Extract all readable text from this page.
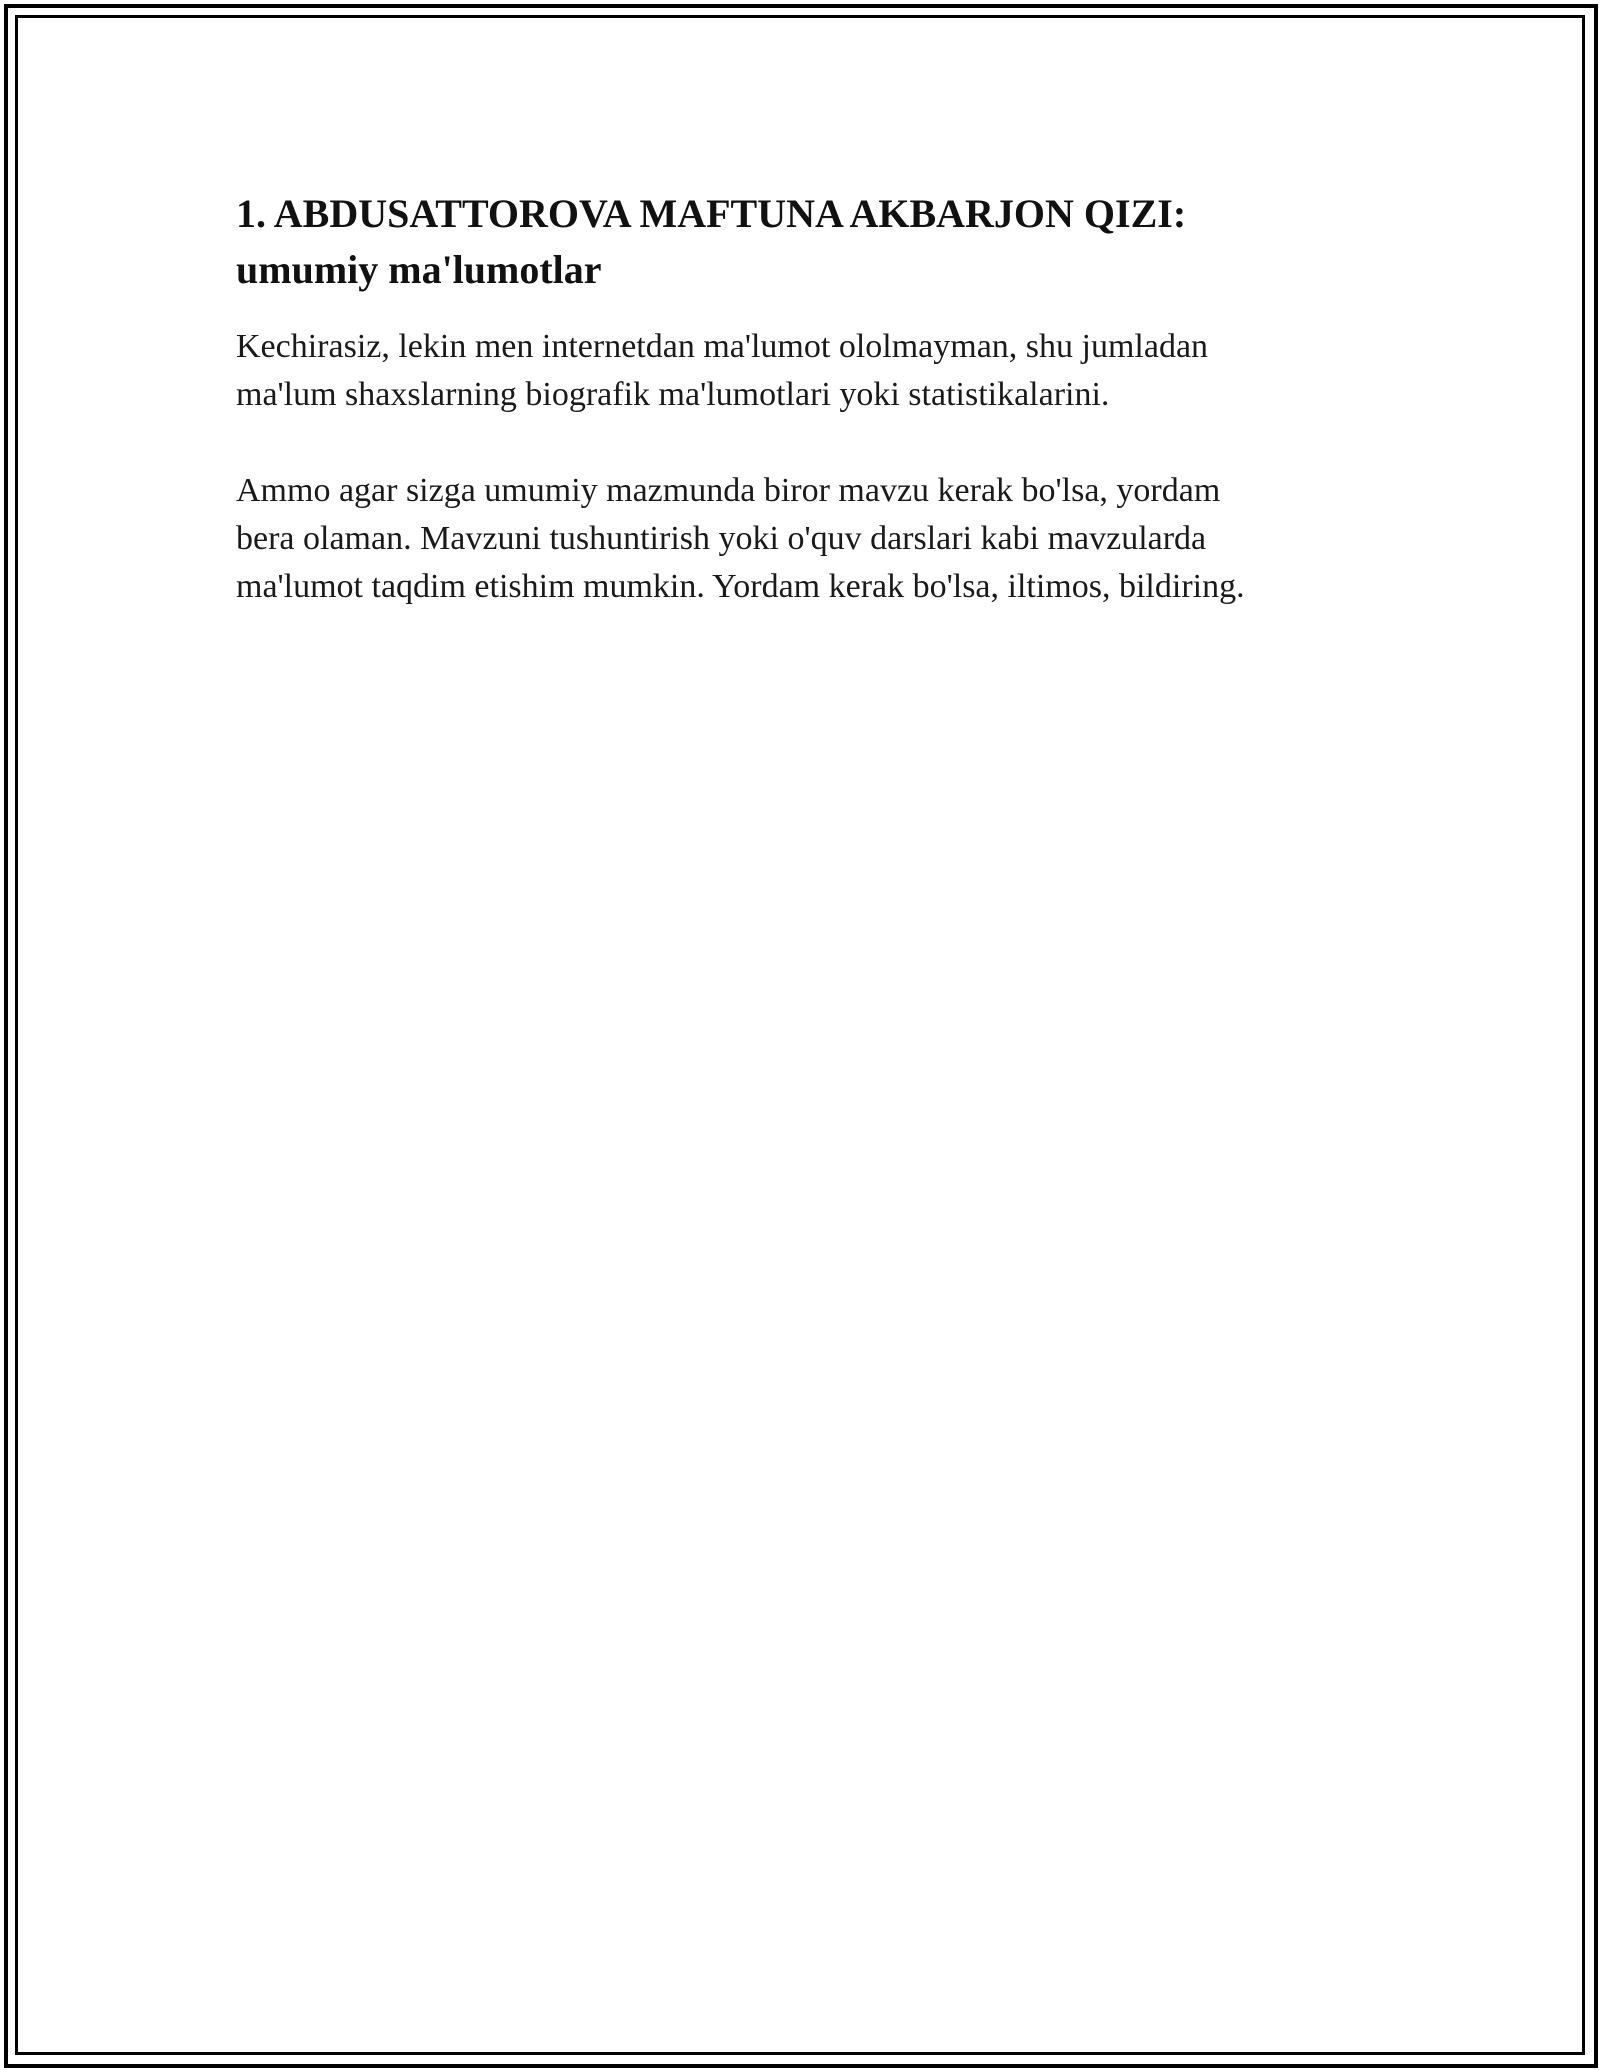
1. ABDUSATTOROVA MAFTUNA AKBARJON QIZI:
umumiy ma'lumotlar

Kechirasiz, lekin men internetdan ma'lumot ololmayman, shu jumladan
ma'lum shaxslarning biografik ma'lumotlari yoki statistikalarini.

Ammo agar sizga umumiy mazmunda biror mavzu kerak bo'lsa, yordam
bera olaman. Mavzuni tushuntirish yoki o'quv darslari kabi mavzularda
ma'lumot taqdim etishim mumkin. Yordam kerak bo'lsa, iltimos, bildiring.
